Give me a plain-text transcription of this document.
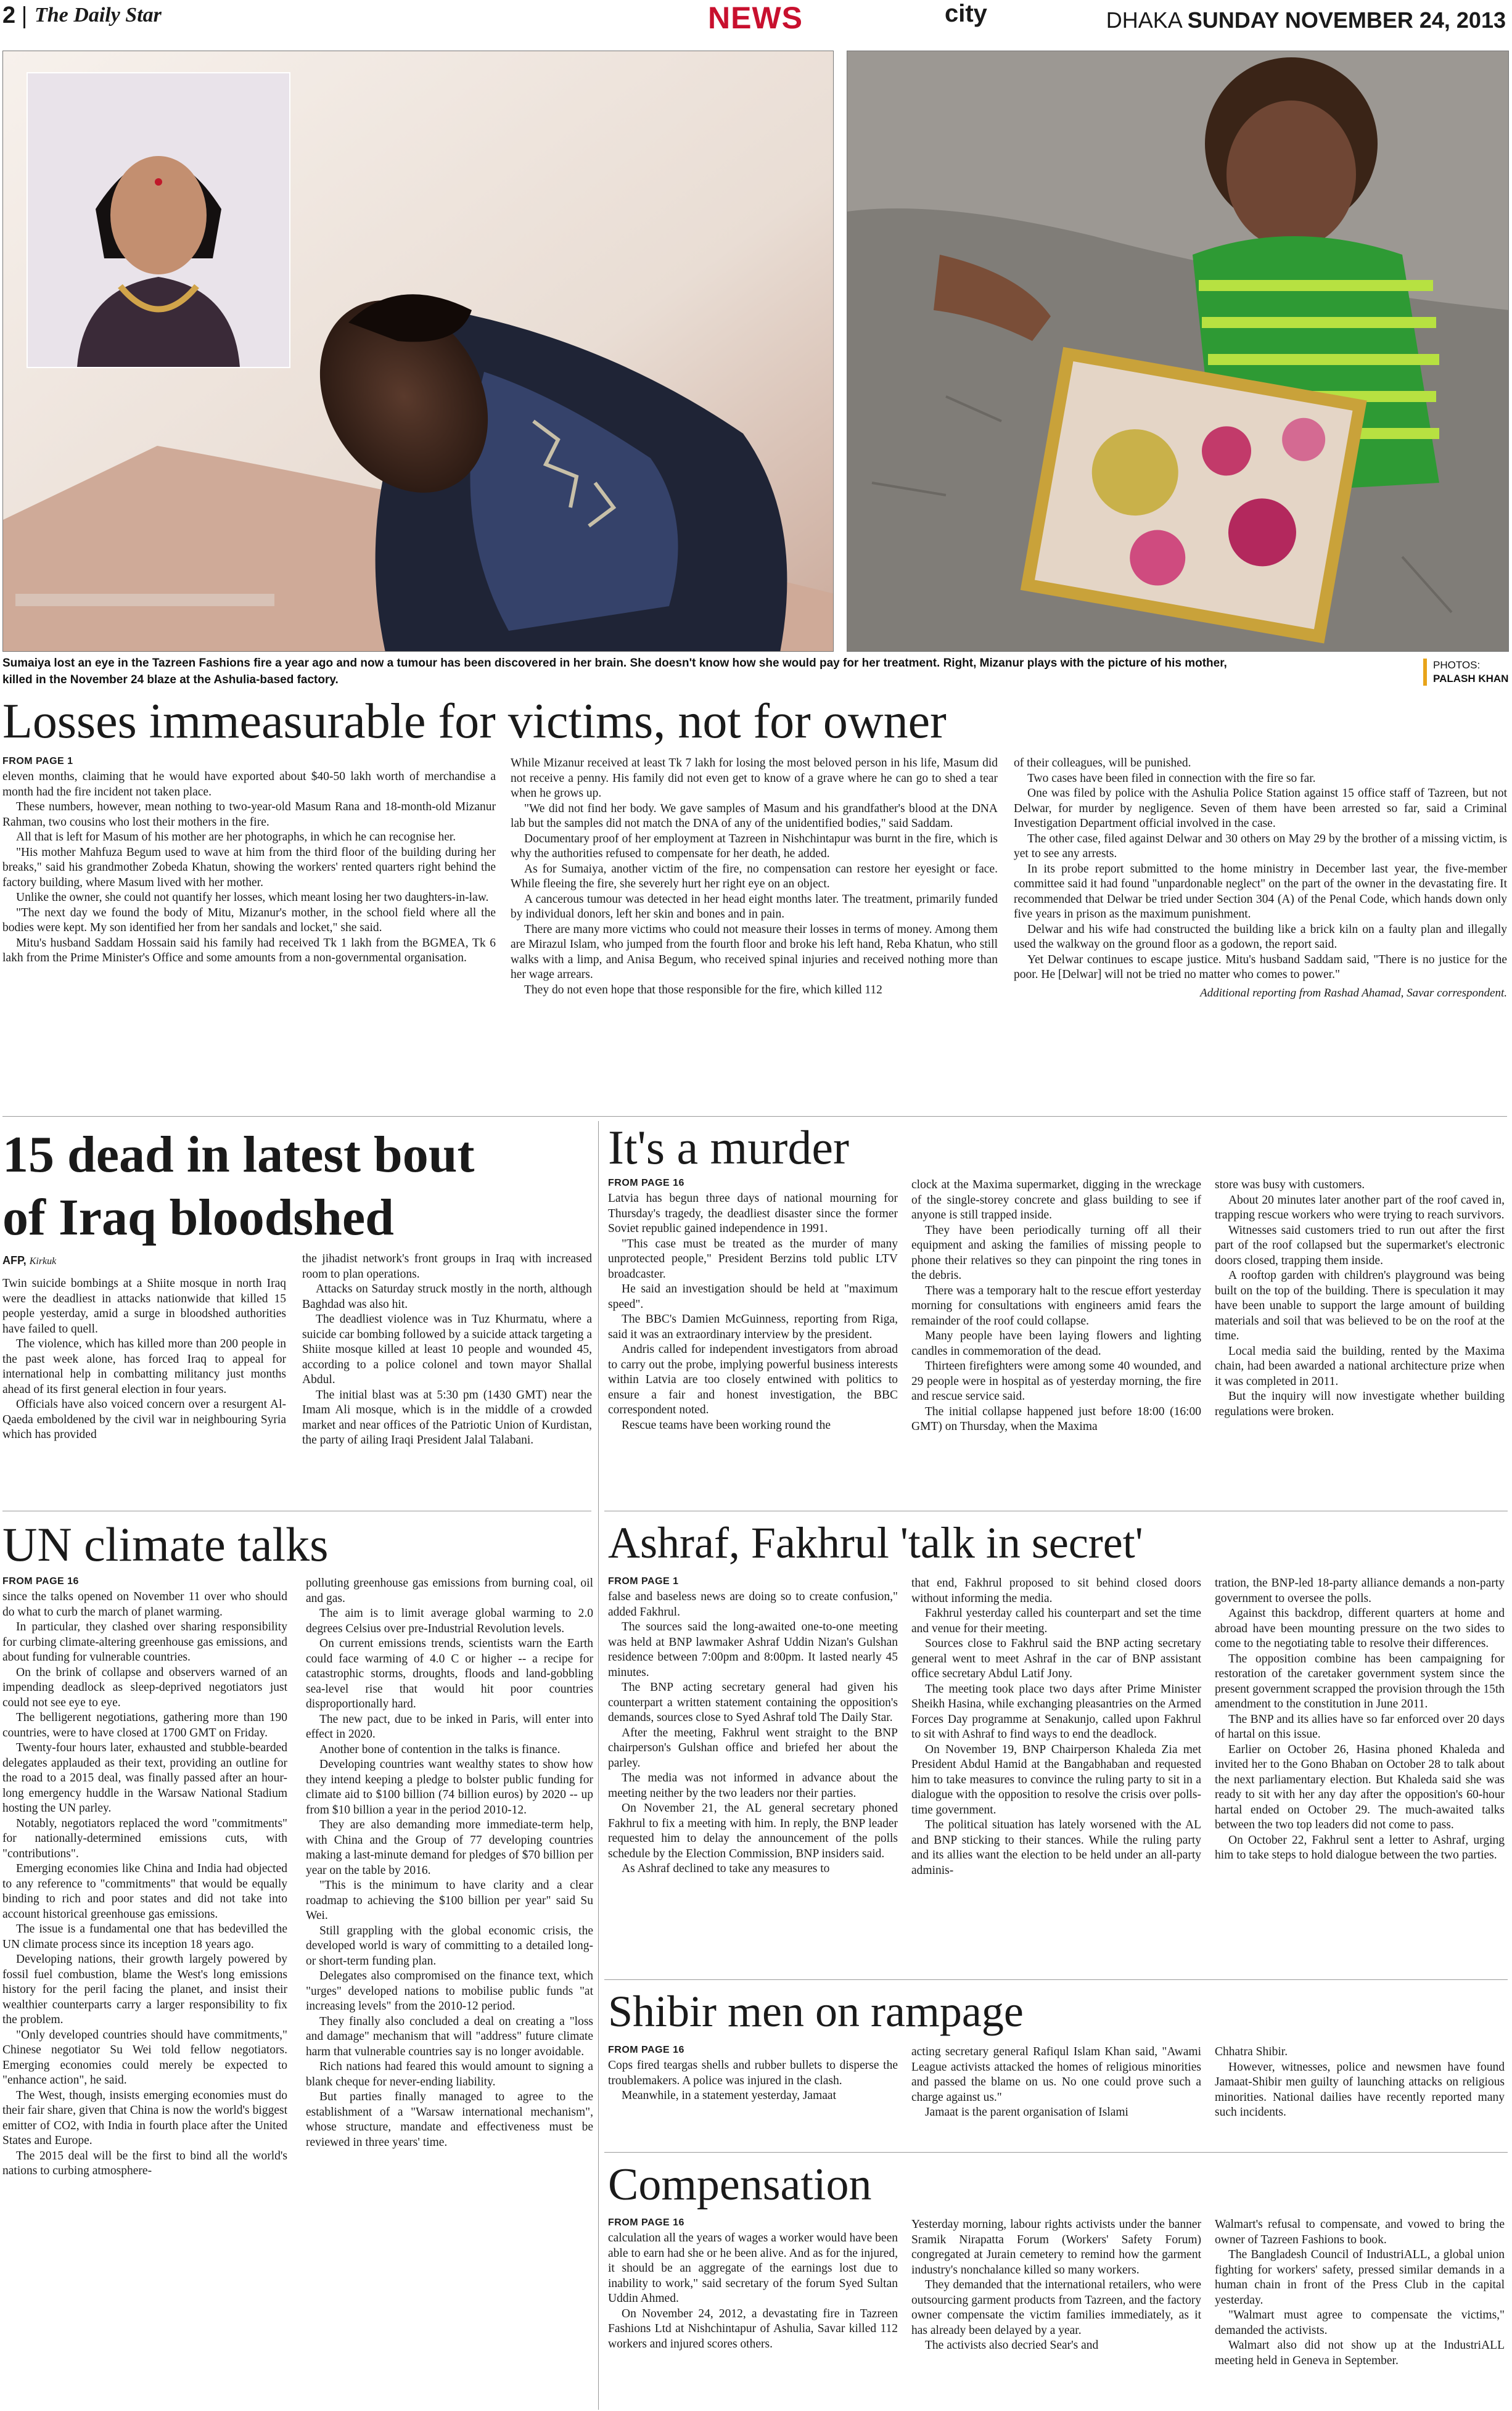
2 The Daily Star	NEWS	city	DHAKA SUNDAY NOVEMBER 24, 2013
Sumaiya lost an eye in the Tazreen Fashions fire a year ago and now a tumour has been discovered in her brain. She doesn't know how she would pay for her treatment. Right, Mizanur plays with the picture of his mother,
killed in the November 24 blaze at the Ashulia-based factory.
PHOTOS:
PALASH KHAN
Losses immeasurable for victims, not for owner
FROM PAGE 1

eleven months, claiming that he would have exported about $40-50 lakh worth of merchandise a month had the fire incident not taken place.

These numbers, however, mean nothing to two-year-old Masum Rana and 18-month-old Mizanur Rahman, two cousins who lost their mothers in the fire.

All that is left for Masum of his mother are her photographs, in which he can recognise her.

"His mother Mahfuza Begum used to wave at him from the third floor of the building during her breaks," said his grandmother Zobeda Khatun, showing the workers' rented quarters right behind the factory building, where Masum lived with her mother.

Unlike the owner, she could not quantify her losses, which meant losing her two daughters-in-law.

"The next day we found the body of Mitu, Mizanur's mother, in the school field where all the bodies were kept. My son identified her from her sandals and locket," she said.

Mitu's husband Saddam Hossain said his family had received Tk 1 lakh from the BGMEA, Tk 6 lakh from the Prime Minister's Office and some amounts from a non-governmental organisation.

While Mizanur received at least Tk 7 lakh for losing the most beloved person in his life, Masum did not receive a penny. His family did not even get to know of a grave where he can go to shed a tear when he grows up.

"We did not find her body. We gave samples of Masum and his grandfather's blood at the DNA lab but the samples did not match the DNA of any of the unidentified bodies," said Saddam.

Documentary proof of her employment at Tazreen in Nishchintapur was burnt in the fire, which is why the authorities refused to compensate for her death, he added.

As for Sumaiya, another victim of the fire, no compensation can restore her eyesight or face. While fleeing the fire, she severely hurt her right eye on an object.

A cancerous tumour was detected in her head eight months later. The treatment, primarily funded by individual donors, left her skin and bones and in pain.

There are many more victims who could not measure their losses in terms of money. Among them are Mirazul Islam, who jumped from the fourth floor and broke his left hand, Reba Khatun, who still walks with a limp, and Anisa Begum, who received spinal injuries and received nothing more than her wage arrears.

They do not even hope that those responsible for the fire, which killed 112

of their colleagues, will be punished.

Two cases have been filed in connection with the fire so far.

One was filed by police with the Ashulia Police Station against 15 office staff of Tazreen, but not Delwar, for murder by negligence. Seven of them have been arrested so far, said a Criminal Investigation Department official involved in the case.

The other case, filed against Delwar and 30 others on May 29 by the brother of a missing victim, is yet to see any arrests.

In its probe report submitted to the home ministry in December last year, the five-member committee said it had found "unpardonable neglect" on the part of the owner in the devastating fire. It recommended that Delwar be tried under Section 304 (A) of the Penal Code, which hands down only five years in prison as the maximum punishment.

Delwar and his wife had constructed the building like a brick kiln on a faulty plan and illegally used the walkway on the ground floor as a godown, the report said.

Yet Delwar continues to escape justice. Mitu's husband Saddam said, "There is no justice for the poor. He [Delwar] will not be tried no matter who comes to power."

Additional reporting from Rashad Ahamad, Savar correspondent.
15 dead in latest bout
of Iraq bloodshed
AFP, Kirkuk

Twin suicide bombings at a Shiite mosque in north Iraq were the deadliest in attacks nationwide that killed 15 people yesterday, amid a surge in bloodshed authorities have failed to quell.

The violence, which has killed more than 200 people in the past week alone, has forced Iraq to appeal for international help in combatting militancy just months ahead of its first general election in four years.

Officials have also voiced concern over a resurgent Al-Qaeda emboldened by the civil war in neighbouring Syria which has provided

the jihadist network's front groups in Iraq with increased room to plan operations.

Attacks on Saturday struck mostly in the north, although Baghdad was also hit.

The deadliest violence was in Tuz Khurmatu, where a suicide car bombing followed by a suicide attack targeting a Shiite mosque killed at least 10 people and wounded 45, according to a police colonel and town mayor Shallal Abdul.

The initial blast was at 5:30 pm (1430 GMT) near the Imam Ali mosque, which is in the middle of a crowded market and near offices of the Patriotic Union of Kurdistan, the party of ailing Iraqi President Jalal Talabani.

It's a murder
FROM PAGE 16

Latvia has begun three days of national mourning for Thursday's tragedy, the deadliest disaster since the former Soviet republic gained independence in 1991.

"This case must be treated as the murder of many unprotected people," President Berzins told public LTV broadcaster.

He said an investigation should be held at "maximum speed".

The BBC's Damien McGuinness, reporting from Riga, said it was an extraordinary interview by the president.

Andris called for independent investigators from abroad to carry out the probe, implying powerful business interests within Latvia are too closely entwined with politics to ensure a fair and honest investigation, the BBC correspondent noted.

Rescue teams have been working round the

clock at the Maxima supermarket, digging in the wreckage of the single-storey concrete and glass building to see if anyone is still trapped inside.

They have been periodically turning off all their equipment and asking the families of missing people to phone their relatives so they can pinpoint the ring tones in the debris.

There was a temporary halt to the rescue effort yesterday morning for consultations with engineers amid fears the remainder of the roof could collapse.

Many people have been laying flowers and lighting candles in commemoration of the dead.

Thirteen firefighters were among some 40 wounded, and 29 people were in hospital as of yesterday morning, the fire and rescue service said.

The initial collapse happened just before 18:00 (16:00 GMT) on Thursday, when the Maxima

store was busy with customers.

About 20 minutes later another part of the roof caved in, trapping rescue workers who were trying to reach survivors.

Witnesses said customers tried to run out after the first part of the roof collapsed but the supermarket's electronic doors closed, trapping them inside.

A rooftop garden with children's playground was being built on the top of the building. There is speculation it may have been unable to support the large amount of building materials and soil that was believed to be on the roof at the time.

Local media said the building, rented by the Maxima chain, had been awarded a national architecture prize when it was completed in 2011.

But the inquiry will now investigate whether building regulations were broken.

UN climate talks
FROM PAGE 16

since the talks opened on November 11 over who should do what to curb the march of planet warming.

In particular, they clashed over sharing responsibility for curbing climate-altering greenhouse gas emissions, and about funding for vulnerable countries.

On the brink of collapse and observers warned of an impending deadlock as sleep-deprived negotiators just could not see eye to eye.

The belligerent negotiations, gathering more than 190 countries, were to have closed at 1700 GMT on Friday.

Twenty-four hours later, exhausted and stubble-bearded delegates applauded as their text, providing an outline for the road to a 2015 deal, was finally passed after an hour-long emergency huddle in the Warsaw National Stadium hosting the UN parley.

Notably, negotiators replaced the word "commitments" for nationally-determined emissions cuts, with "contributions".

Emerging economies like China and India had objected to any reference to "commitments" that would be equally binding to rich and poor states and did not take into account historical greenhouse gas emissions.

The issue is a fundamental one that has bedevilled the UN climate process since its inception 18 years ago.

Developing nations, their growth largely powered by fossil fuel combustion, blame the West's long emissions history for the peril facing the planet, and insist their wealthier counterparts carry a larger responsibility to fix the problem.

"Only developed countries should have commitments," Chinese negotiator Su Wei told fellow negotiators. Emerging economies could merely be expected to "enhance action", he said.

The West, though, insists emerging economies must do their fair share, given that China is now the world's biggest emitter of CO2, with India in fourth place after the United States and Europe.

The 2015 deal will be the first to bind all the world's nations to curbing atmosphere-

polluting greenhouse gas emissions from burning coal, oil and gas.

The aim is to limit average global warming to 2.0 degrees Celsius over pre-Industrial Revolution levels.

On current emissions trends, scientists warn the Earth could face warming of 4.0 C or higher -- a recipe for catastrophic storms, droughts, floods and land-gobbling sea-level rise that would hit poor countries disproportionally hard.

The new pact, due to be inked in Paris, will enter into effect in 2020.

Another bone of contention in the talks is finance.

Developing countries want wealthy states to show how they intend keeping a pledge to bolster public funding for climate aid to $100 billion (74 billion euros) by 2020 -- up from $10 billion a year in the period 2010-12.

They are also demanding more immediate-term help, with China and the Group of 77 developing countries making a last-minute demand for pledges of $70 billion per year on the table by 2016.

"This is the minimum to have clarity and a clear roadmap to achieving the $100 billion per year" said Su Wei.

Still grappling with the global economic crisis, the developed world is wary of committing to a detailed long- or short-term funding plan.

Delegates also compromised on the finance text, which "urges" developed nations to mobilise public funds "at increasing levels" from the 2010-12 period.

They finally also concluded a deal on creating a "loss and damage" mechanism that will "address" future climate harm that vulnerable countries say is no longer avoidable.

Rich nations had feared this would amount to signing a blank cheque for never-ending liability.

But parties finally managed to agree to the establishment of a "Warsaw international mechanism", whose structure, mandate and effectiveness must be reviewed in three years' time.

Ashraf, Fakhrul 'talk in secret'
FROM PAGE 1

false and baseless news are doing so to create confusion," added Fakhrul.

The sources said the long-awaited one-to-one meeting was held at BNP lawmaker Ashraf Uddin Nizan's Gulshan residence between 7:00pm and 8:00pm. It lasted nearly 45 minutes.

The BNP acting secretary general had given his counterpart a written statement containing the opposition's demands, sources close to Syed Ashraf told The Daily Star.

After the meeting, Fakhrul went straight to the BNP chairperson's Gulshan office and briefed her about the parley.

The media was not informed in advance about the meeting neither by the two leaders nor their parties.

On November 21, the AL general secretary phoned Fakhrul to fix a meeting with him. In reply, the BNP leader requested him to delay the announcement of the polls schedule by the Election Commission, BNP insiders said.

As Ashraf declined to take any measures to

that end, Fakhrul proposed to sit behind closed doors without informing the media.

Fakhrul yesterday called his counterpart and set the time and venue for their meeting.

Sources close to Fakhrul said the BNP acting secretary general went to meet Ashraf in the car of BNP assistant office secretary Abdul Latif Jony.

The meeting took place two days after Prime Minister Sheikh Hasina, while exchanging pleasantries on the Armed Forces Day programme at Senakunjo, called upon Fakhrul to sit with Ashraf to find ways to end the deadlock.

On November 19, BNP Chairperson Khaleda Zia met President Abdul Hamid at the Bangabhaban and requested him to take measures to convince the ruling party to sit in a dialogue with the opposition to resolve the crisis over polls-time government.

The political situation has lately worsened with the AL and BNP sticking to their stances. While the ruling party and its allies want the election to be held under an all-party adminis-

tration, the BNP-led 18-party alliance demands a non-party government to oversee the polls.

Against this backdrop, different quarters at home and abroad have been mounting pressure on the two sides to come to the negotiating table to resolve their differences.

The opposition combine has been campaigning for restoration of the caretaker government system since the present government scrapped the provision through the 15th amendment to the constitution in June 2011.

The BNP and its allies have so far enforced over 20 days of hartal on this issue.

Earlier on October 26, Hasina phoned Khaleda and invited her to the Gono Bhaban on October 28 to talk about the next parliamentary election. But Khaleda said she was ready to sit with her any day after the opposition's 60-hour hartal ended on October 29. The much-awaited talks between the two top leaders did not come to pass.

On October 22, Fakhrul sent a letter to Ashraf, urging him to take steps to hold dialogue between the two parties.

Shibir men on rampage
FROM PAGE 16

Cops fired teargas shells and rubber bullets to disperse the troublemakers. A police was injured in the clash.

Meanwhile, in a statement yesterday, Jamaat

acting secretary general Rafiqul Islam Khan said, "Awami League activists attacked the homes of religious minorities and passed the blame on us. No one could prove such a charge against us."

Jamaat is the parent organisation of Islami

Chhatra Shibir.

However, witnesses, police and newsmen have found Jamaat-Shibir men guilty of launching attacks on religious minorities. National dailies have recently reported many such incidents.

Compensation
FROM PAGE 16

calculation all the years of wages a worker would have been able to earn had she or he been alive. And as for the injured, it should be an aggregate of the earnings lost due to inability to work," said secretary of the forum Syed Sultan Uddin Ahmed.

On November 24, 2012, a devastating fire in Tazreen Fashions Ltd at Nishchintapur of Ashulia, Savar killed 112 workers and injured scores others.

Yesterday morning, labour rights activists under the banner Sramik Nirapatta Forum (Workers' Safety Forum) congregated at Jurain cemetery to remind how the garment industry's nonchalance killed so many workers.

They demanded that the international retailers, who were outsourcing garment products from Tazreen, and the factory owner compensate the victim families immediately, as it has already been delayed by a year.

The activists also decried Sear's and

Walmart's refusal to compensate, and vowed to bring the owner of Tazreen Fashions to book.

The Bangladesh Council of IndustriALL, a global union fighting for workers' safety, pressed similar demands in a human chain in front of the Press Club in the capital yesterday.

"Walmart must agree to compensate the victims," demanded the activists.

Walmart also did not show up at the IndustriALL meeting held in Geneva in September.
